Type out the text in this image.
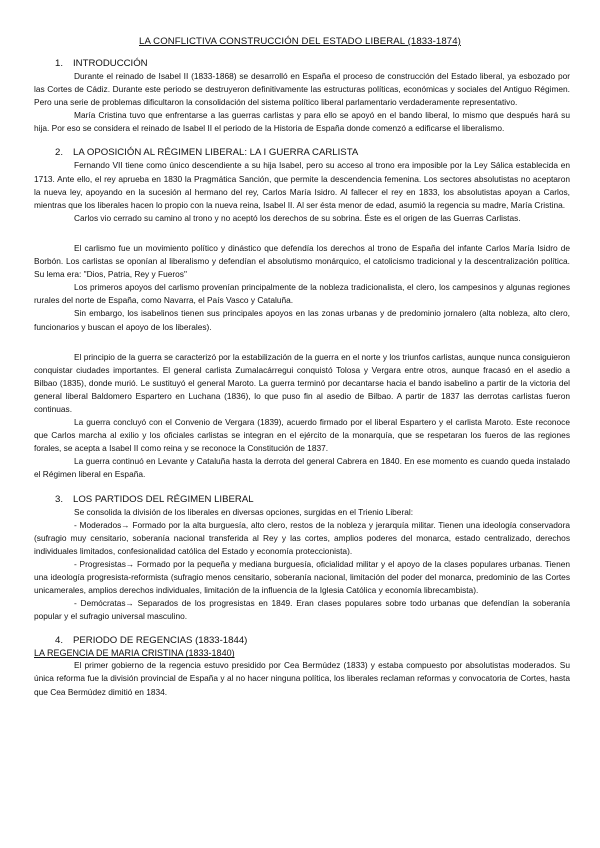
LA CONFLICTIVA CONSTRUCCIÓN DEL ESTADO LIBERAL (1833-1874)
1. INTRODUCCIÓN

Durante el reinado de Isabel II (1833-1868) se desarrolló en España el proceso de construcción del Estado liberal, ya esbozado por las Cortes de Cádiz. Durante este periodo se destruyeron definitivamente las estructuras políticas, económicas y sociales del Antiguo Régimen. Pero una serie de problemas dificultaron la consolidación del sistema político liberal parlamentario verdaderamente representativo.

María Cristina tuvo que enfrentarse a las guerras carlistas y para ello se apoyó en el bando liberal, lo mismo que después hará su hija. Por eso se considera el reinado de Isabel II el periodo de la Historia de España donde comenzó a edificarse el liberalismo.

2. LA OPOSICIÓN AL RÉGIMEN LIBERAL: LA I GUERRA CARLISTA

Fernando VII tiene como único descendiente a su hija Isabel, pero su acceso al trono era imposible por la Ley Sálica establecida en 1713. Ante ello, el rey aprueba en 1830 la Pragmática Sanción, que permite la descendencia femenina. Los sectores absolutistas no aceptaron la nueva ley, apoyando en la sucesión al hermano del rey, Carlos María Isidro. Al fallecer el rey en 1833, los absolutistas apoyan a Carlos, mientras que los liberales hacen lo propio con la nueva reina, Isabel II. Al ser ésta menor de edad, asumió la regencia su madre, María Cristina.

Carlos vio cerrado su camino al trono y no aceptó los derechos de su sobrina. Éste es el origen de las Guerras Carlistas.

El carlismo fue un movimiento político y dinástico que defendía los derechos al trono de España del infante Carlos María Isidro de Borbón. Los carlistas se oponían al liberalismo y defendían el absolutismo monárquico, el catolicismo tradicional y la descentralización política. Su lema era: "Dios, Patria, Rey y Fueros"

Los primeros apoyos del carlismo provenían principalmente de la nobleza tradicionalista, el clero, los campesinos y algunas regiones rurales del norte de España, como Navarra, el País Vasco y Cataluña.

Sin embargo, los isabelinos tienen sus principales apoyos en las zonas urbanas y de predominio jornalero (alta nobleza, alto clero, funcionarios y buscan el apoyo de los liberales).

El principio de la guerra se caracterizó por la estabilización de la guerra en el norte y los triunfos carlistas, aunque nunca consiguieron conquistar ciudades importantes. El general carlista Zumalacárregui conquistó Tolosa y Vergara entre otros, aunque fracasó en el asedio a Bilbao (1835), donde murió. Le sustituyó el general Maroto. La guerra terminó por decantarse hacia el bando isabelino a partir de la victoria del general liberal Baldomero Espartero en Luchana (1836), lo que puso fin al asedio de Bilbao. A partir de 1837 las derrotas carlistas fueron continuas.

La guerra concluyó con el Convenio de Vergara (1839), acuerdo firmado por el liberal Espartero y el carlista Maroto. Este reconoce que Carlos marcha al exilio y los oficiales carlistas se integran en el ejército de la monarquía, que se respetaran los fueros de las regiones forales, se acepta a Isabel II como reina y se reconoce la Constitución de 1837.

La guerra continuó en Levante y Cataluña hasta la derrota del general Cabrera en 1840. En ese momento es cuando queda instalado el Régimen liberal en España.

3. LOS PARTIDOS DEL RÉGIMEN LIBERAL

Se consolida la división de los liberales en diversas opciones, surgidas en el Trienio Liberal:

- Moderados→ Formado por la alta burguesía, alto clero, restos de la nobleza y jerarquía militar. Tienen una ideología conservadora (sufragio muy censitario, soberanía nacional transferida al Rey y las cortes, amplios poderes del monarca, estado centralizado, derechos individuales limitados, confesionalidad católica del Estado y economía proteccionista).

- Progresistas→ Formado por la pequeña y mediana burguesía, oficialidad militar y el apoyo de la clases populares urbanas. Tienen una ideología progresista-reformista (sufragio menos censitario, soberanía nacional, limitación del poder del monarca, predominio de las Cortes unicamerales, amplios derechos individuales, limitación de la influencia de la Iglesia Católica y economía librecambista).

- Demócratas→ Separados de los progresistas en 1849. Eran clases populares sobre todo urbanas que defendían la soberanía popular y el sufragio universal masculino.

4. PERIODO DE REGENCIAS (1833-1844)
LA REGENCIA DE MARIA CRISTINA (1833-1840)

El primer gobierno de la regencia estuvo presidido por Cea Bermúdez (1833) y estaba compuesto por absolutistas moderados. Su única reforma fue la división provincial de España y al no hacer ninguna política, los liberales reclaman reformas y convocatoria de Cortes, hasta que Cea Bermúdez dimitió en 1834.
